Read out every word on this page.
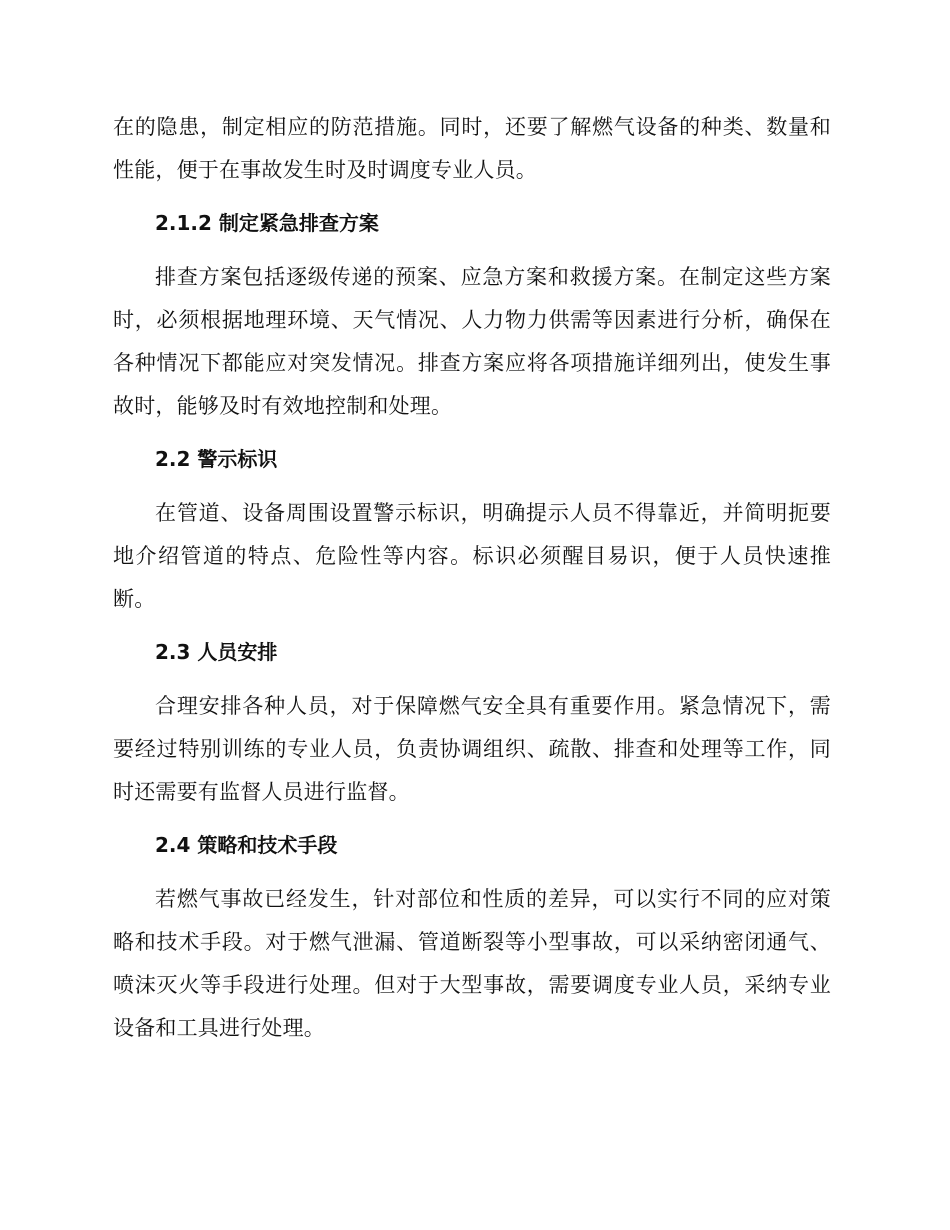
在的隐患，制定相应的防范措施。同时，还要了解燃气设备的种类、数量和性能，便于在事故发生时及时调度专业人员。

2.1.2 制定紧急排查方案

排查方案包括逐级传递的预案、应急方案和救援方案。在制定这些方案时，必须根据地理环境、天气情况、人力物力供需等因素进行分析，确保在各种情况下都能应对突发情况。排查方案应将各项措施详细列出，使发生事故时，能够及时有效地控制和处理。

2.2 警示标识

在管道、设备周围设置警示标识，明确提示人员不得靠近，并简明扼要地介绍管道的特点、危险性等内容。标识必须醒目易识，便于人员快速推断。

2.3 人员安排

合理安排各种人员，对于保障燃气安全具有重要作用。紧急情况下，需要经过特别训练的专业人员，负责协调组织、疏散、排查和处理等工作，同时还需要有监督人员进行监督。

2.4 策略和技术手段

若燃气事故已经发生，针对部位和性质的差异，可以实行不同的应对策略和技术手段。对于燃气泄漏、管道断裂等小型事故，可以采纳密闭通气、喷沫灭火等手段进行处理。但对于大型事故，需要调度专业人员，采纳专业设备和工具进行处理。
